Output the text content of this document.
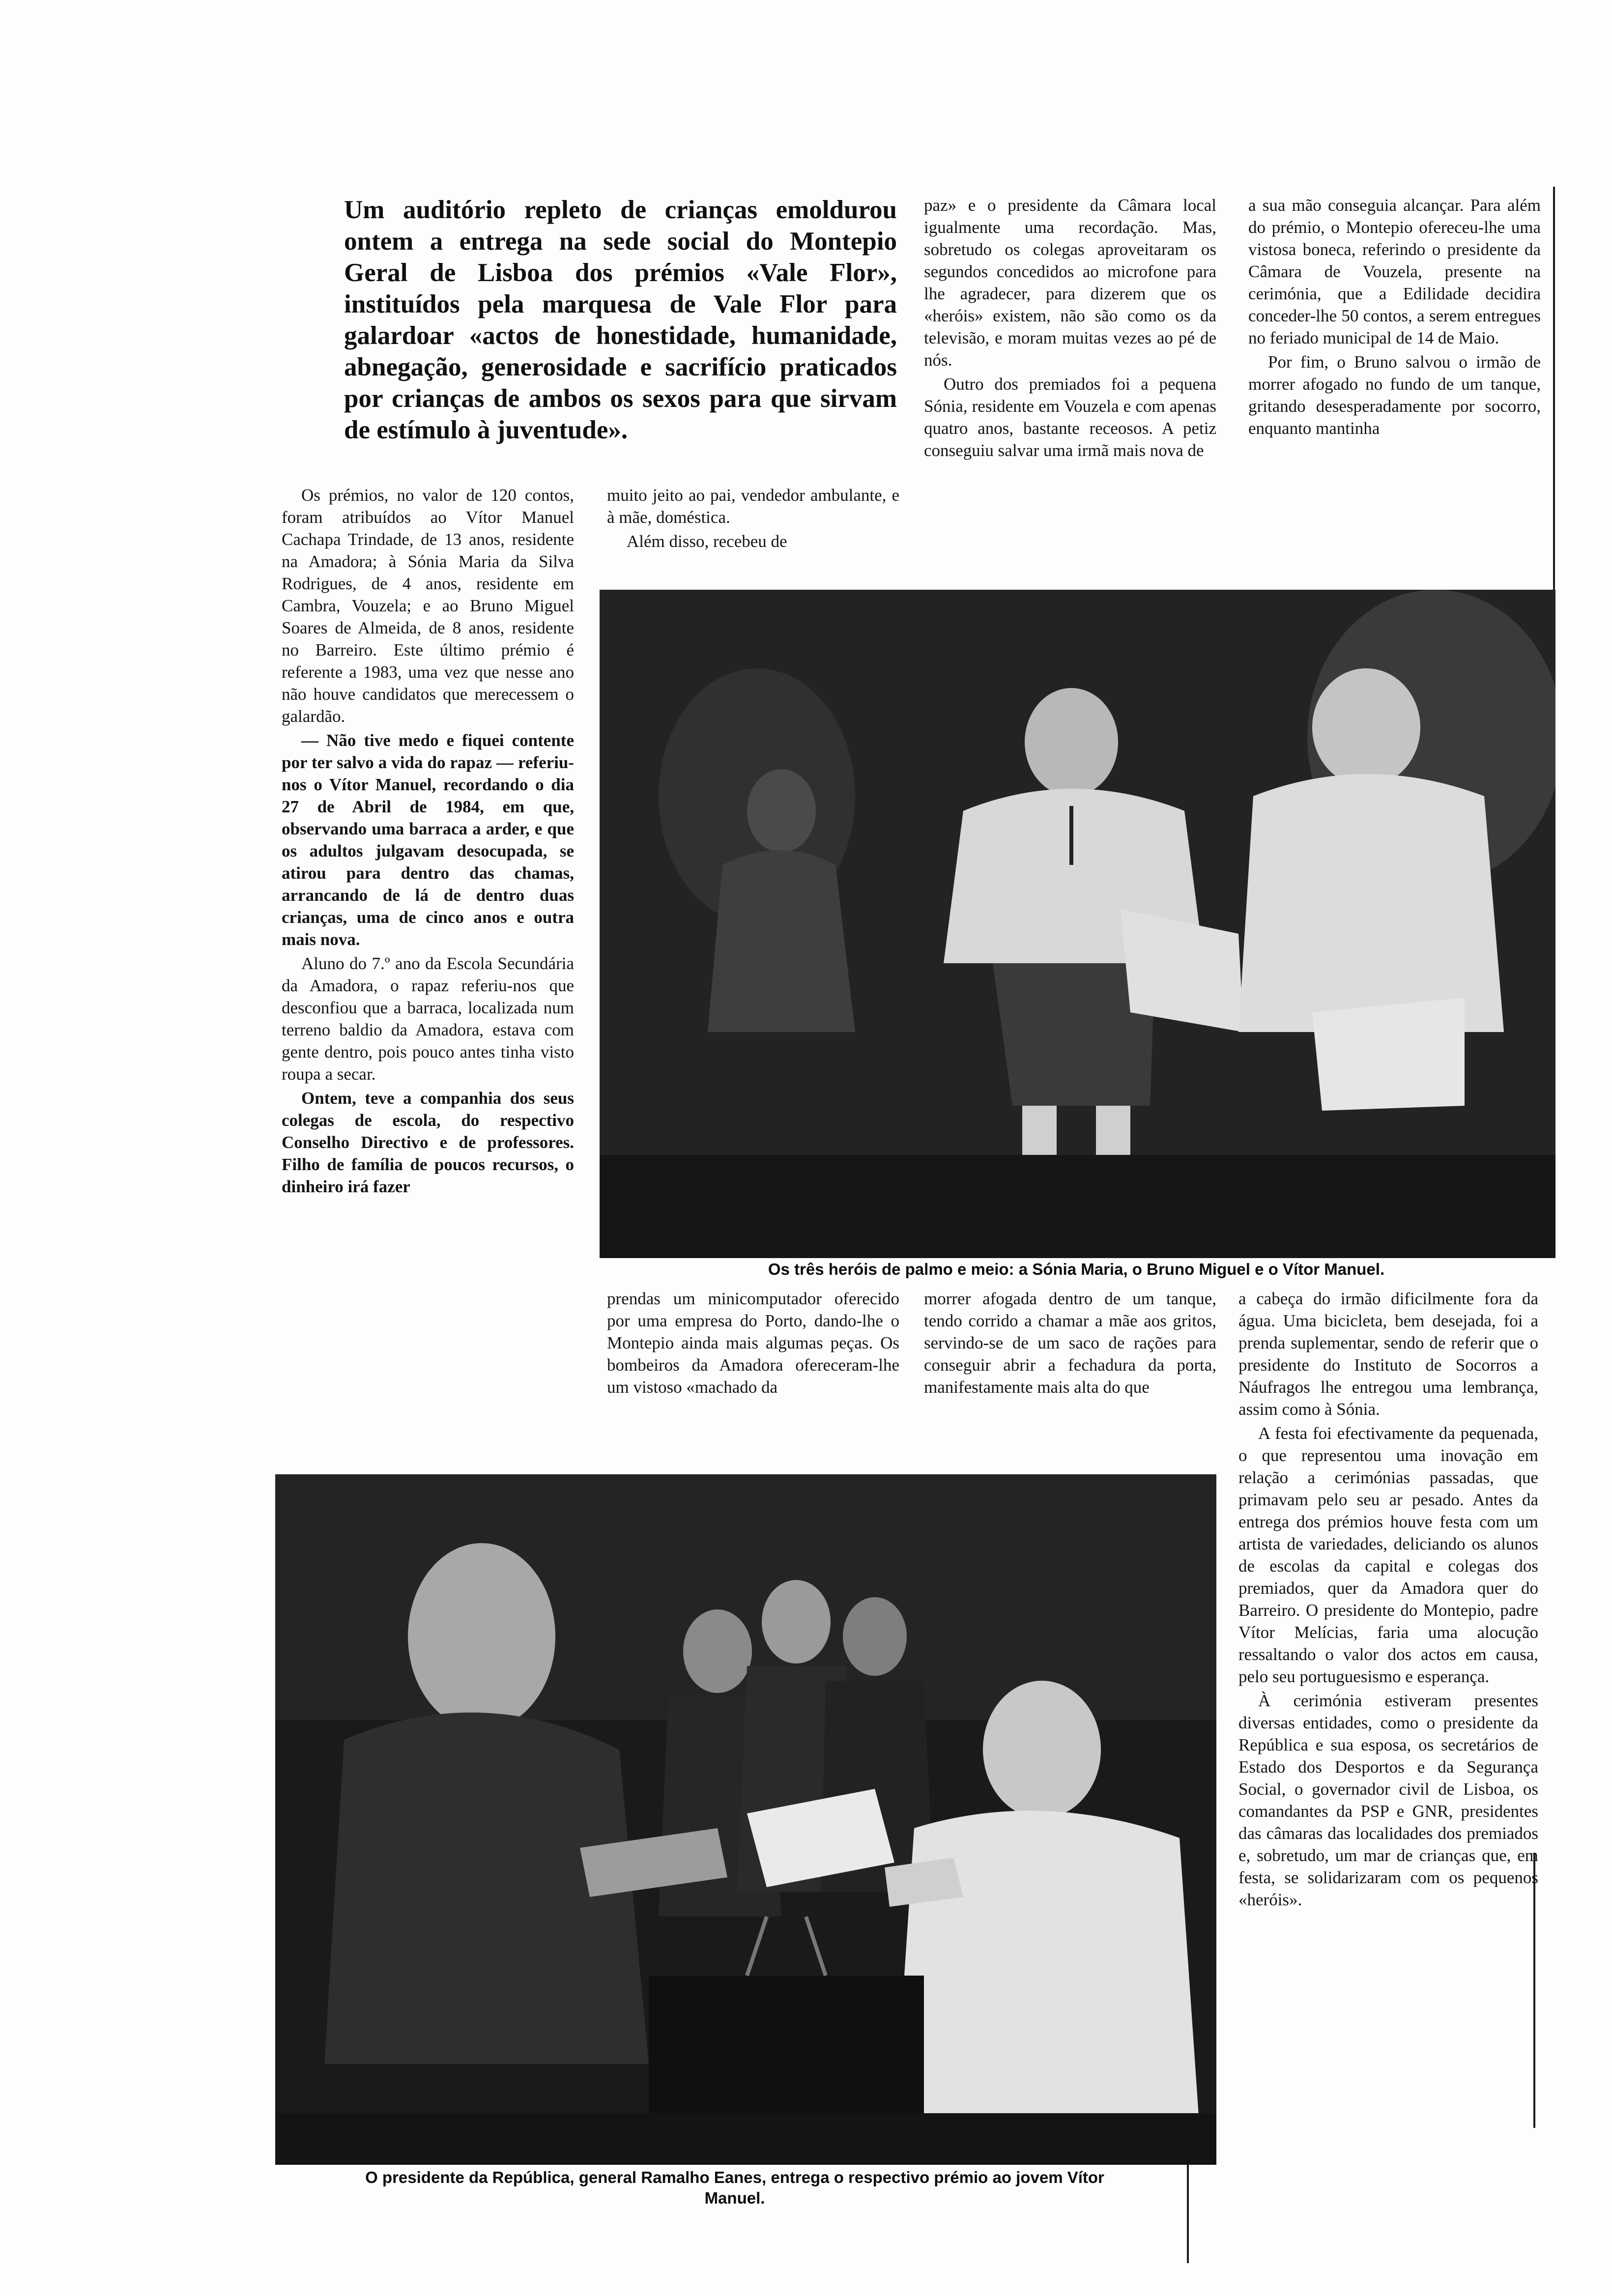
Um auditório repleto de crianças emoldurou ontem a entrega na sede social do Montepio Geral de Lisboa dos prémios «Vale Flor», instituídos pela marquesa de Vale Flor para galardoar «actos de honestidade, humanidade, abnegação, generosidade e sacrifício praticados por crianças de ambos os sexos para que sirvam de estímulo à juventude».

Os prémios, no valor de 120 contos, foram atribuídos ao Vítor Manuel Cachapa Trindade, de 13 anos, residente na Amadora; à Sónia Maria da Silva Rodrigues, de 4 anos, residente em Cambra, Vouzela; e ao Bruno Miguel Soares de Almeida, de 8 anos, residente no Barreiro. Este último prémio é referente a 1983, uma vez que nesse ano não houve candidatos que merecessem o galardão.

— Não tive medo e fiquei contente por ter salvo a vida do rapaz — referiu-nos o Vítor Manuel, recordando o dia 27 de Abril de 1984, em que, observando uma barraca a arder, e que os adultos julgavam desocupada, se atirou para dentro das chamas, arrancando de lá de dentro duas crianças, uma de cinco anos e outra mais nova.

Aluno do 7.º ano da Escola Secundária da Amadora, o rapaz referiu-nos que desconfiou que a barraca, localizada num terreno baldio da Amadora, estava com gente dentro, pois pouco antes tinha visto roupa a secar.

Ontem, teve a companhia dos seus colegas de escola, do respectivo Conselho Directivo e de professores. Filho de família de poucos recursos, o dinheiro irá fazer

muito jeito ao pai, vendedor ambulante, e à mãe, doméstica.

Além disso, recebeu de

paz» e o presidente da Câmara local igualmente uma recordação. Mas, sobretudo os colegas aproveitaram os segundos concedidos ao microfone para lhe agradecer, para dizerem que os «heróis» existem, não são como os da televisão, e moram muitas vezes ao pé de nós.

Outro dos premiados foi a pequena Sónia, residente em Vouzela e com apenas quatro anos, bastante receosos. A petiz conseguiu salvar uma irmã mais nova de

a sua mão conseguia alcançar. Para além do prémio, o Montepio ofereceu-lhe uma vistosa boneca, referindo o presidente da Câmara de Vouzela, presente na cerimónia, que a Edilidade decidira conceder-lhe 50 contos, a serem entregues no feriado municipal de 14 de Maio.

Por fim, o Bruno salvou o irmão de morrer afogado no fundo de um tanque, gritando desesperadamente por socorro, enquanto mantinha

Os três heróis de palmo e meio: a Sónia Maria, o Bruno Miguel e o Vítor Manuel.

prendas um minicomputador oferecido por uma empresa do Porto, dando-lhe o Montepio ainda mais algumas peças. Os bombeiros da Amadora ofereceram-lhe um vistoso «machado da

morrer afogada dentro de um tanque, tendo corrido a chamar a mãe aos gritos, servindo-se de um saco de rações para conseguir abrir a fechadura da porta, manifestamente mais alta do que

a cabeça do irmão dificilmente fora da água. Uma bicicleta, bem desejada, foi a prenda suplementar, sendo de referir que o presidente do Instituto de Socorros a Náufragos lhe entregou uma lembrança, assim como à Sónia.

A festa foi efectivamente da pequenada, o que representou uma inovação em relação a cerimónias passadas, que primavam pelo seu ar pesado. Antes da entrega dos prémios houve festa com um artista de variedades, deliciando os alunos de escolas da capital e colegas dos premiados, quer da Amadora quer do Barreiro. O presidente do Montepio, padre Vítor Melícias, faria uma alocução ressaltando o valor dos actos em causa, pelo seu portuguesismo e esperança.

À cerimónia estiveram presentes diversas entidades, como o presidente da República e sua esposa, os secretários de Estado dos Desportos e da Segurança Social, o governador civil de Lisboa, os comandantes da PSP e GNR, presidentes das câmaras das localidades dos premiados e, sobretudo, um mar de crianças que, em festa, se solidarizaram com os pequenos «heróis».

O presidente da República, general Ramalho Eanes, entrega o respectivo prémio ao jovem Vítor Manuel.
